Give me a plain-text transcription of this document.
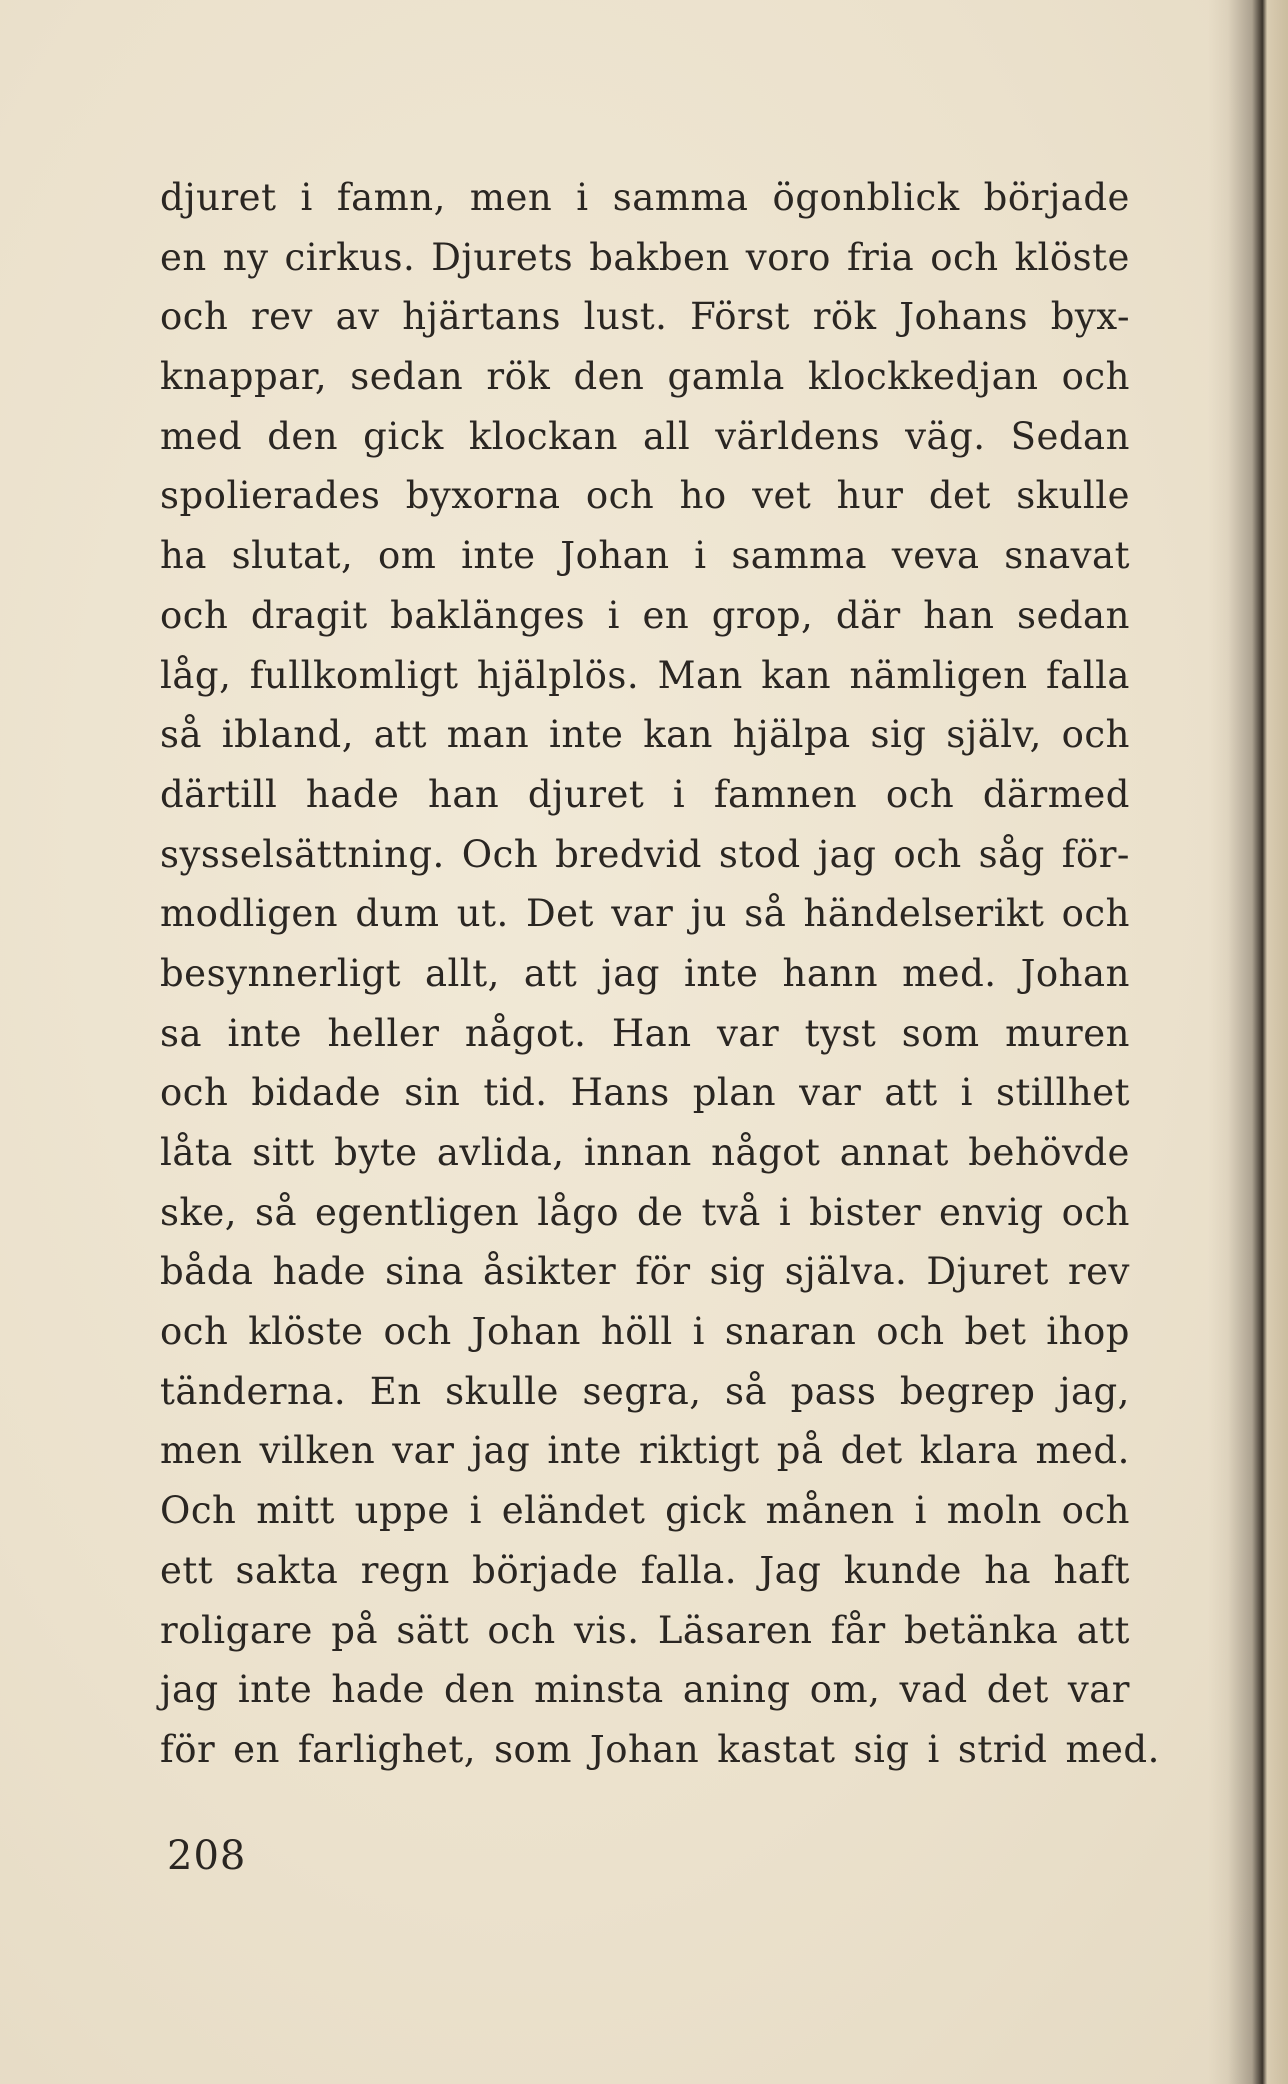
djuret i famn, men i samma ögonblick började
en ny cirkus. Djurets bakben voro fria och klöste
och rev av hjärtans lust. Först rök Johans byx-
knappar, sedan rök den gamla klockkedjan och
med den gick klockan all världens väg. Sedan
spolierades byxorna och ho vet hur det skulle
ha slutat, om inte Johan i samma veva snavat
och dragit baklänges i en grop, där han sedan
låg, fullkomligt hjälplös. Man kan nämligen falla
så ibland, att man inte kan hjälpa sig själv, och
därtill hade han djuret i famnen och därmed
sysselsättning. Och bredvid stod jag och såg för-
modligen dum ut. Det var ju så händelserikt och
besynnerligt allt, att jag inte hann med. Johan
sa inte heller något. Han var tyst som muren
och bidade sin tid. Hans plan var att i stillhet
låta sitt byte avlida, innan något annat behövde
ske, så egentligen lågo de två i bister envig och
båda hade sina åsikter för sig själva. Djuret rev
och klöste och Johan höll i snaran och bet ihop
tänderna. En skulle segra, så pass begrep jag,
men vilken var jag inte riktigt på det klara med.
Och mitt uppe i eländet gick månen i moln och
ett sakta regn började falla. Jag kunde ha haft
roligare på sätt och vis. Läsaren får betänka att
jag inte hade den minsta aning om, vad det var
för en farlighet, som Johan kastat sig i strid med.
208
